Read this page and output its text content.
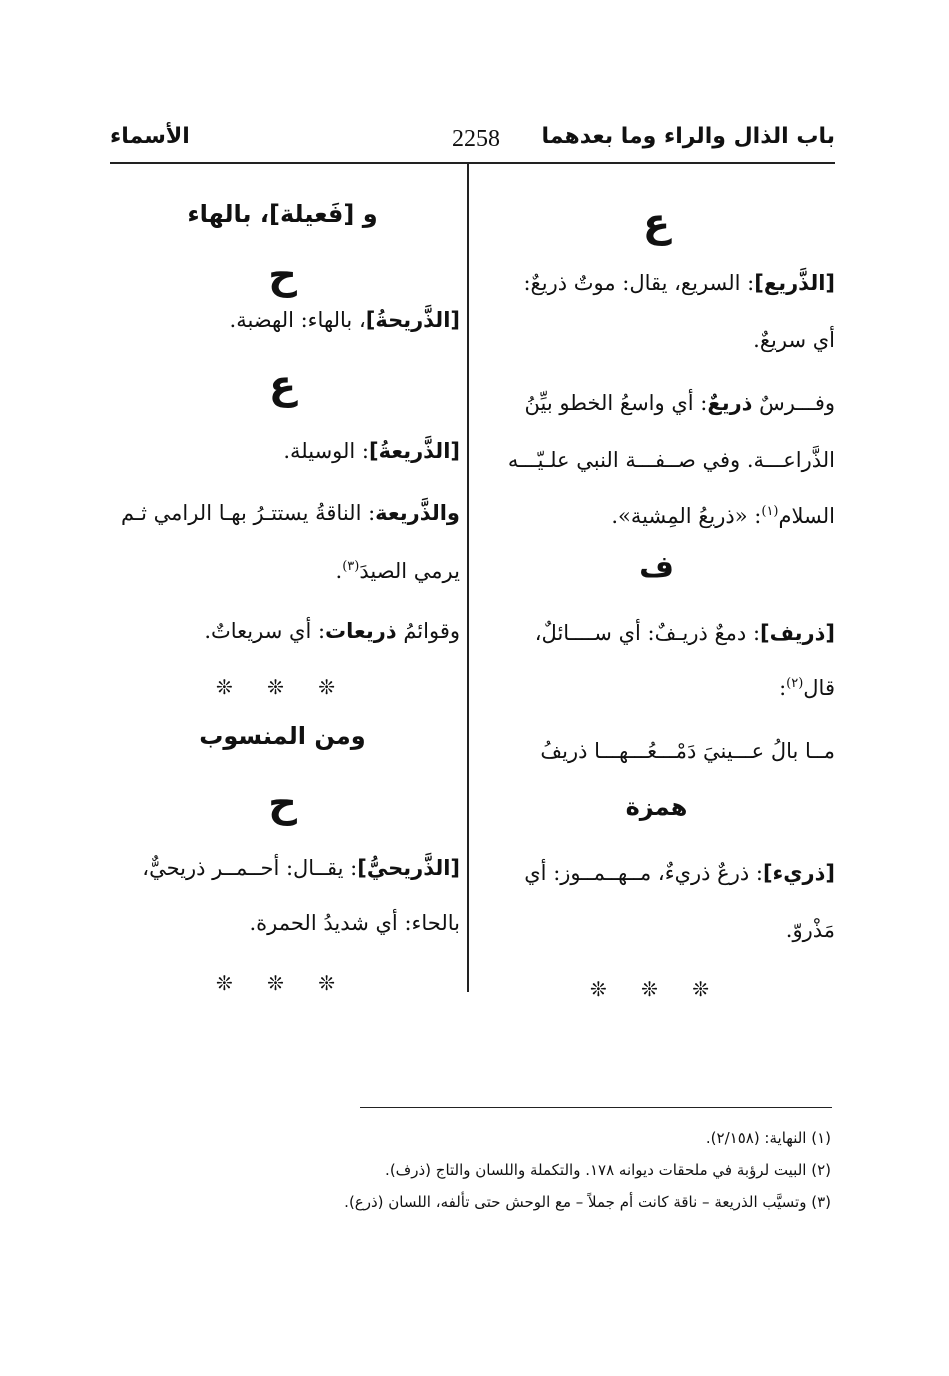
باب الذال والراء وما بعدهما
2258
الأسماء
ع
[الذَّريع]: السريع، يقال: موتٌ ذريعٌ:
أي سريعٌ.
وفـــرسٌ ذريعٌ: أي واسعُ الخطو بيِّنُ
الذَّراعـــة. وفي صــفـــة النبي علـيّـــه
السلام$^{(١)}$: «ذريعُ المِشية».
ف
[ذريف]: دمعٌ ذريـفٌ: أي ســــائلٌ،
قال$^{(٢)}$:
مــا بالُ عـــينيَ دَمْـــعُـــهـــا ذريفُ
همزة
[ذريء]: ذرعٌ ذريءٌ، مــهــمــوز: أي
مَذْروّ.
❊ ❊ ❊
و [فَعيلة]، بالهاء
ح
[الذَّريحةُ]، بالهاء: الهضبة.
ع
[الذَّريعةُ]: الوسيلة.
والذَّريعة: الناقةُ يستتـرُ بهـا الرامي ثـم
يرمي الصيدَ$^{(٣)}$.
وقوائمُ ذريعات: أي سريعاتٌ.
❊ ❊ ❊
ومن المنسوب
ح
[الذَّريحيُّ]: يقــال: أحــمــر ذريحيٌّ،
بالحاء: أي شديدُ الحمرة.
❊ ❊ ❊
(١) النهاية: (٢/١٥٨).
(٢) البيت لرؤبة في ملحقات ديوانه ١٧٨. والتكملة واللسان والتاج (ذرف).
(٣) وتسيَّب الذريعة – ناقة كانت أم جملاً – مع الوحش حتى تألفه، اللسان (ذرع).
